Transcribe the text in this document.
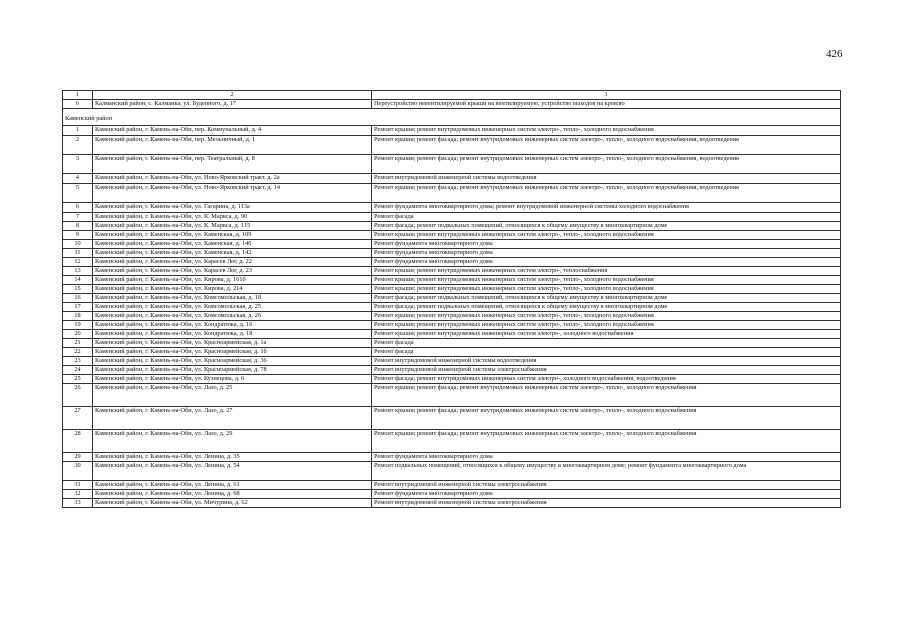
426
1	2	3
6	Калманский район, с. Калманка, ул. Буденного, д. 17	Переустройство невентилируемой крыши на вентилируемую, устройство выходов на кровлю
Каменский район		
1	Каменский район, г. Камень-на-Оби, пер. Коммунальный, д. 4	Ремонт крыши; ремонт внутридомовых инженерных систем электро-, тепло-, холодного водоснабжения
2	Каменский район, г. Камень-на-Оби, пер. Мельничный, д. 1	Ремонт крыши; ремонт фасада; ремонт внутридомовых инженерных систем электро-, тепло-, холодного водоснабжения, водоотведения
3	Каменский район, г. Камень-на-Оби, пер. Театральный, д. 8	Ремонт крыши; ремонт фасада; ремонт внутридомовых инженерных систем электро-, тепло-, холодного водоснабжения, водоотведения
4	Каменский район, г. Камень-на-Оби, ул. Ново-Ярковский тракт, д. 2а	Ремонт внутридомовой инженерной системы водоотведения
5	Каменский район, г. Камень-на-Оби, ул. Ново-Ярковский тракт, д. 14	Ремонт крыши; ремонт фасада; ремонт внутридомовых инженерных систем электро-, тепло-, холодного водоснабжения, водоотведения
6	Каменский район, г. Камень-на-Оби, ул. Гагарина, д. 113а	Ремонт фундамента многоквартирного дома; ремонт внутридомовой инженерной системы холодного водоснабжения
7	Каменский район, г. Камень-на-Оби, ул. К. Маркса, д. 90	Ремонт фасада
8	Каменский район, г. Камень-на-Оби, ул. К. Маркса, д. 115	Ремонт фасада; ремонт подвальных помещений, относящихся к общему имуществу в многоквартирном доме
9	Каменский район, г. Камень-на-Оби, ул. Каменская, д. 109	Ремонт крыши; ремонт внутридомовых инженерных систем электро-, тепло-, холодного водоснабжения
10	Каменский район, г. Камень-на-Оби, ул. Каменская, д. 140	Ремонт фундамента многоквартирного дома
11	Каменский район, г. Камень-на-Оби, ул. Каменская, д. 142	Ремонт фундамента многоквартирного дома
12	Каменский район, г. Камень-на-Оби, ул. Карасев Лог, д. 22	Ремонт фундамента многоквартирного дома
13	Каменский район, г. Камень-на-Оби, ул. Карасев Лог, д. 23	Ремонт крыши; ремонт внутридомовых инженерных систем электро-, теплоснабжения
14	Каменский район, г. Камень-на-Оби, ул. Кирова, д. 161б	Ремонт крыши; ремонт внутридомовых инженерных систем электро-, тепло-, холодного водоснабжения
15	Каменский район, г. Камень-на-Оби, ул. Кирова, д. 214	Ремонт крыши; ремонт внутридомовых инженерных систем электро-, тепло-, холодного водоснабжения
16	Каменский район, г. Камень-на-Оби, ул. Комсомольская, д. 18	Ремонт фасада; ремонт подвальных помещений, относящихся к общему имуществу в многоквартирном доме
17	Каменский район, г. Камень-на-Оби, ул. Комсомольская, д. 25	Ремонт фасада; ремонт подвальных помещений, относящихся к общему имуществу в многоквартирном доме
18	Каменский район, г. Камень-на-Оби, ул. Комсомольская, д. 26	Ремонт крыши; ремонт внутридомовых инженерных систем электро-, тепло-, холодного водоснабжения
19	Каменский район, г. Камень-на-Оби, ул. Кондратюка, д. 16	Ремонт крыши; ремонт внутридомовых инженерных систем электро-, тепло-, холодного водоснабжения
20	Каменский район, г. Камень-на-Оби, ул. Кондратюка, д. 18	Ремонт крыши; ремонт внутридомовых инженерных систем электро-, холодного водоснабжения
21	Каменский район, г. Камень-на-Оби, ул. Красноармейская, д. 1а	Ремонт фасада
22	Каменский район, г. Камень-на-Оби, ул. Красноармейская, д. 1б	Ремонт фасада
23	Каменский район, г. Камень-на-Оби, ул. Красноармейская, д. 36	Ремонт внутридомовой инженерной системы водоотведения
24	Каменский район, г. Камень-на-Оби, ул. Красноармейская, д. 78	Ремонт внутридомовой инженерной системы электроснабжения
25	Каменский район, г. Камень-на-Оби, ул. Кузнецова, д. 6	Ремонт фасада; ремонт внутридомовых инженерных систем электро-, холодного водоснабжения, водоотведения
26	Каменский район, г. Камень-на-Оби, ул. Лазо, д. 25	Ремонт крыши; ремонт фасада; ремонт внутридомовых инженерных систем электро-, тепло-, холодного водоснабжения
27	Каменский район, г. Камень-на-Оби, ул. Лазо, д. 27	Ремонт крыши; ремонт фасада; ремонт внутридомовых инженерных систем электро-, тепло-, холодного водоснабжения
28	Каменский район, г. Камень-на-Оби, ул. Лазо, д. 29	Ремонт крыши; ремонт фасада; ремонт внутридомовых инженерных систем электро-, тепло-, холодного водоснабжения
29	Каменский район, г. Камень-на-Оби, ул. Ленина, д. 35	Ремонт фундамента многоквартирного дома
30	Каменский район, г. Камень-на-Оби, ул. Ленина, д. 54	Ремонт подвальных помещений, относящихся к общему имуществу в многоквартирном доме; ремонт фундамента многоквартирного дома
31	Каменский район, г. Камень-на-Оби, ул. Ленина, д. 61	Ремонт внутридомовой инженерной системы электроснабжения
32	Каменский район, г. Камень-на-Оби, ул. Ленина, д. 68	Ремонт фундамента многоквартирного дома
33	Каменский район, г. Камень-на-Оби, ул. Мичурина, д. 62	Ремонт внутридомовой инженерной системы электроснабжения
